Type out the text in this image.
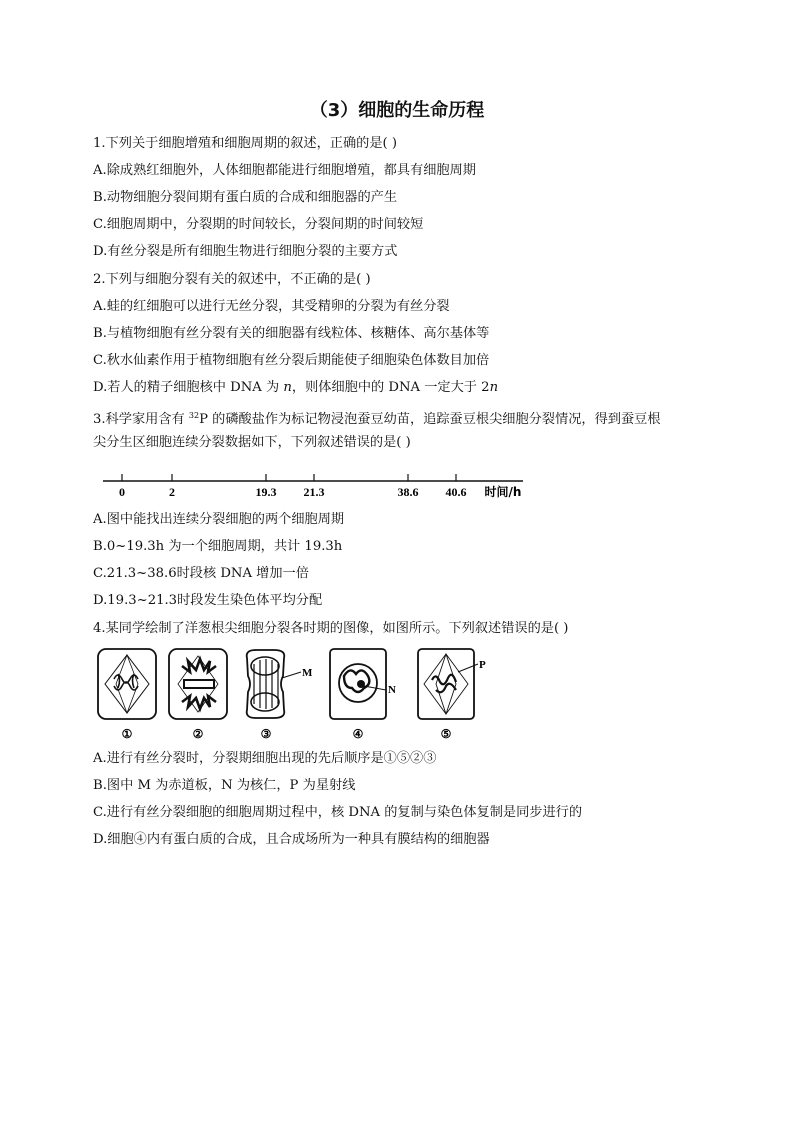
（3）细胞的生命历程
1.下列关于细胞增殖和细胞周期的叙述，正确的是( )
A.除成熟红细胞外，人体细胞都能进行细胞增殖，都具有细胞周期
B.动物细胞分裂间期有蛋白质的合成和细胞器的产生
C.细胞周期中，分裂期的时间较长，分裂间期的时间较短
D.有丝分裂是所有细胞生物进行细胞分裂的主要方式
2.下列与细胞分裂有关的叙述中，不正确的是( )
A.蛙的红细胞可以进行无丝分裂，其受精卵的分裂为有丝分裂
B.与植物细胞有丝分裂有关的细胞器有线粒体、核糖体、高尔基体等
C.秋水仙素作用于植物细胞有丝分裂后期能使子细胞染色体数目加倍
D.若人的精子细胞核中 DNA 为 n，则体细胞中的 DNA 一定大于 2n
3.科学家用含有 $^{32}$P 的磷酸盐作为标记物浸泡蚕豆幼苗，追踪蚕豆根尖细胞分裂情况，得到蚕豆根
尖分生区细胞连续分裂数据如下，下列叙述错误的是( )
0	2	19.3 21.3	38.6 40.6 时间/h
A.图中能找出连续分裂细胞的两个细胞周期
B.0~19.3h 为一个细胞周期，共计 19.3h
C.21.3~38.6时段核 DNA 增加一倍
D.19.3~21.3时段发生染色体平均分配
4.某同学绘制了洋葱根尖细胞分裂各时期的图像，如图所示。下列叙述错误的是( )
M
N
P
①	②	③	④	⑤
A.进行有丝分裂时，分裂期细胞出现的先后顺序是①⑤②③
B.图中 M 为赤道板，N 为核仁，P 为星射线
C.进行有丝分裂细胞的细胞周期过程中，核 DNA 的复制与染色体复制是同步进行的
D.细胞④内有蛋白质的合成，且合成场所为一种具有膜结构的细胞器
